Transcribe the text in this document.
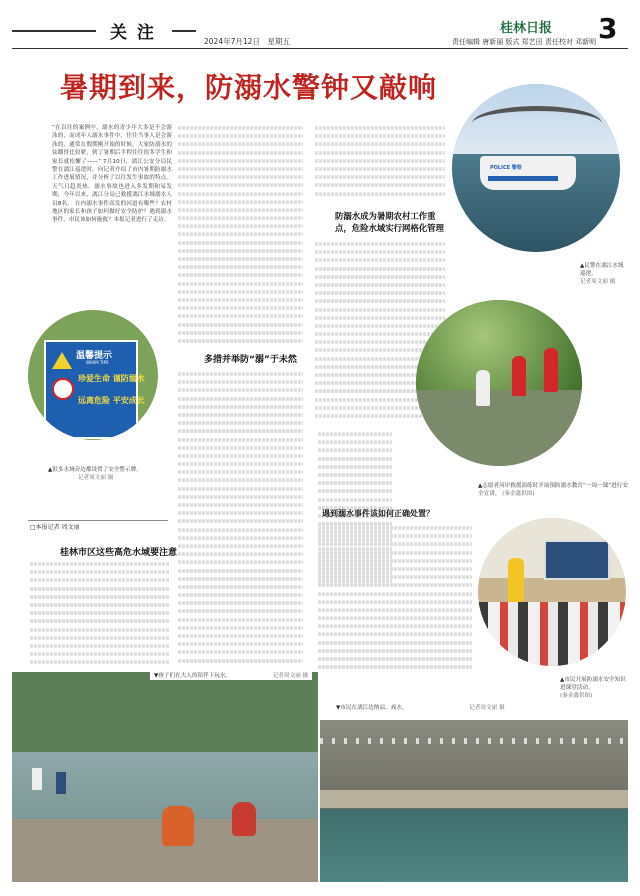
关 注	2024年7月12日　星期五
桂林日报 3
责任编辑 唐新丽 版式 郑艺田 责任校对 邓新明
暑期到来，防溺水警钟又敲响
“在以往的案例中，溺水的青少年大多是不会游泳的，而成年人溺水事件中，往往当事人是会游泳的，通常在假期刚开始的时候，大家防溺水的弦绷得比较紧，到了暑期后半程往往很多学生和家长就松懈了——” 7月10日，漓江公安分局民警在漓江巡逻时，向记者介绍了市内暑期防溺水工作进展情况，并分析了以往发生事故的特点。 天气日趋炎热，溺水事故也进入多发期和易发期，今年以来，漓江分局已救援漓江水域溺水人员8名。 在内溺水事件高发的河道有哪些？农村地区的家长和孩子如何做好安全防护？遇到溺水事件，市民该如何施救？本报记者进行了走访。
温馨提示
WARM TIPS
珍爱生命 谨防溺水
远离危险 平安成长
▲很多水域旁边都设置了安全警示牌。 记者周文丽 摄
□本报记者 周文丽
桂林市区这些高危水域要注意
多措并举防“溺”于未然
防溺水成为暑期农村工作重点，危险水域实行网格化管理
遇到溺水事件该如何正确处置？
POLICE 警察
▲民警在漓江水域巡逻。
记者周文丽 摄
▲志愿者河岸救援演练时开展预防溺水教育“一周一课”进行安全宣讲。 (秦金鑫供图)
▲市民开展防溺水安全知识进课堂活动。
(秦金鑫供图)
▼孩子们在大人的陪伴下玩水。	记者周文丽 摄
▼市民在漓江边纳凉、戏水。	记者周文丽 摄
